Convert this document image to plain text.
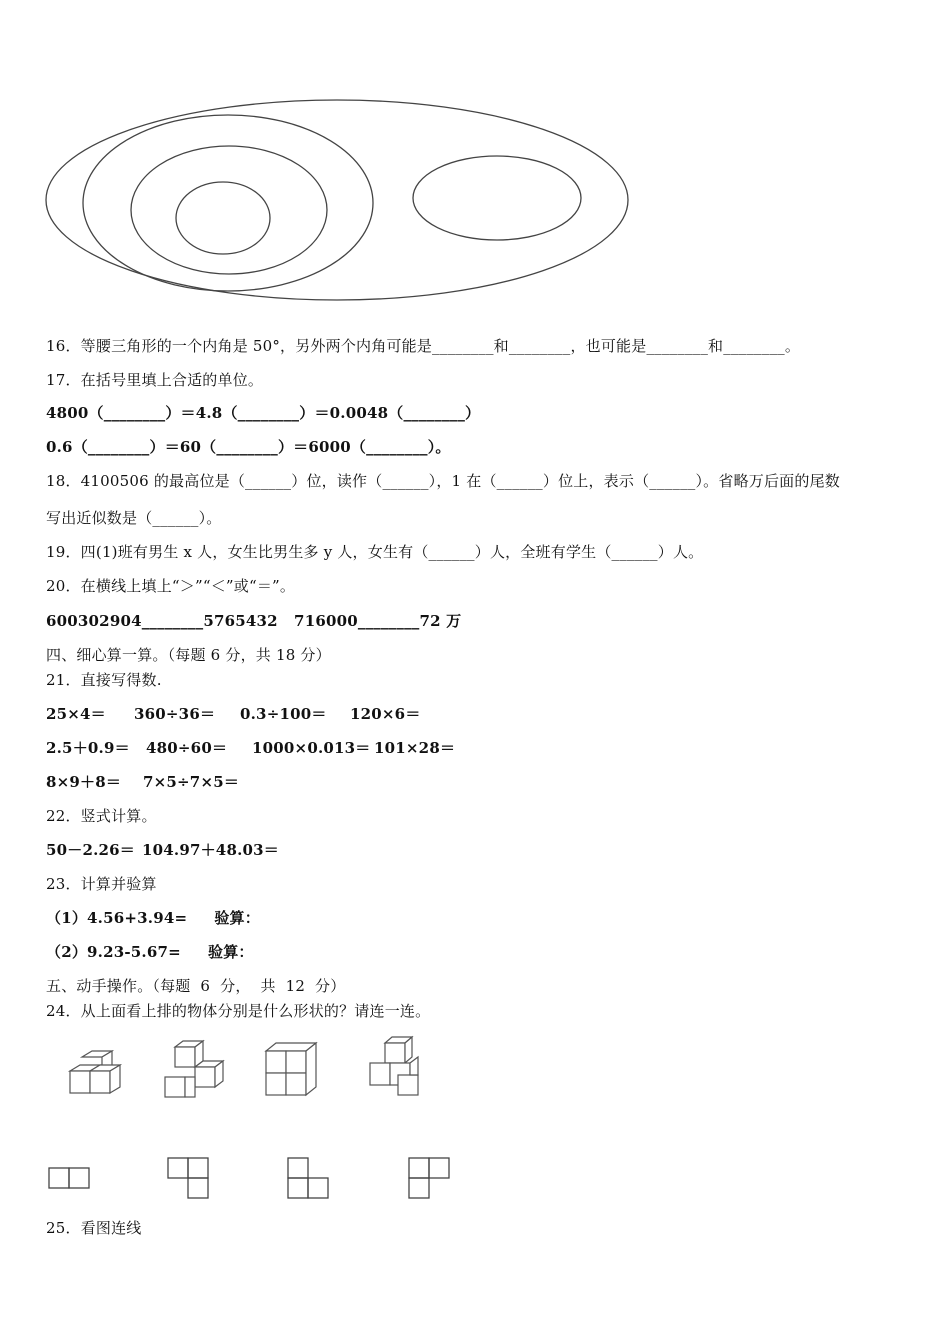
16．等腰三角形的一个内角是 50°，另外两个内角可能是________和________，也可能是________和________。
17．在括号里填上合适的单位。
4800（________）＝4.8（________）＝0.0048（________）
0.6（________）＝60（________）＝6000（________）。
18．4100506 的最高位是（______）位，读作（______），1 在（______）位上，表示（______）。省略万后面的尾数
写出近似数是（______）。
19．四(1)班有男生 x 人，女生比男生多 y 人，女生有（______）人，全班有学生（______）人。
20．在横线上填上“＞”“＜”或“＝”。
600302904________5765432   716000________72 万
四、细心算一算。（每题 6 分，共 18 分）
21．直接写得数.
25×4＝ 360÷36＝ 0.3÷100＝ 120×6＝
2.5＋0.9＝ 480÷60＝ 1000×0.013＝ 101×28＝
8×9＋8＝ 7×5÷7×5＝
22．竖式计算。
50－2.26＝ 104.97＋48.03＝
23．计算并验算
（1）4.56+3.94=     验算：
（2）9.23-5.67=     验算：
五、动手操作。（每题  6  分，  共  12  分）
24．从上面看上排的物体分别是什么形状的？请连一连。
25．看图连线
